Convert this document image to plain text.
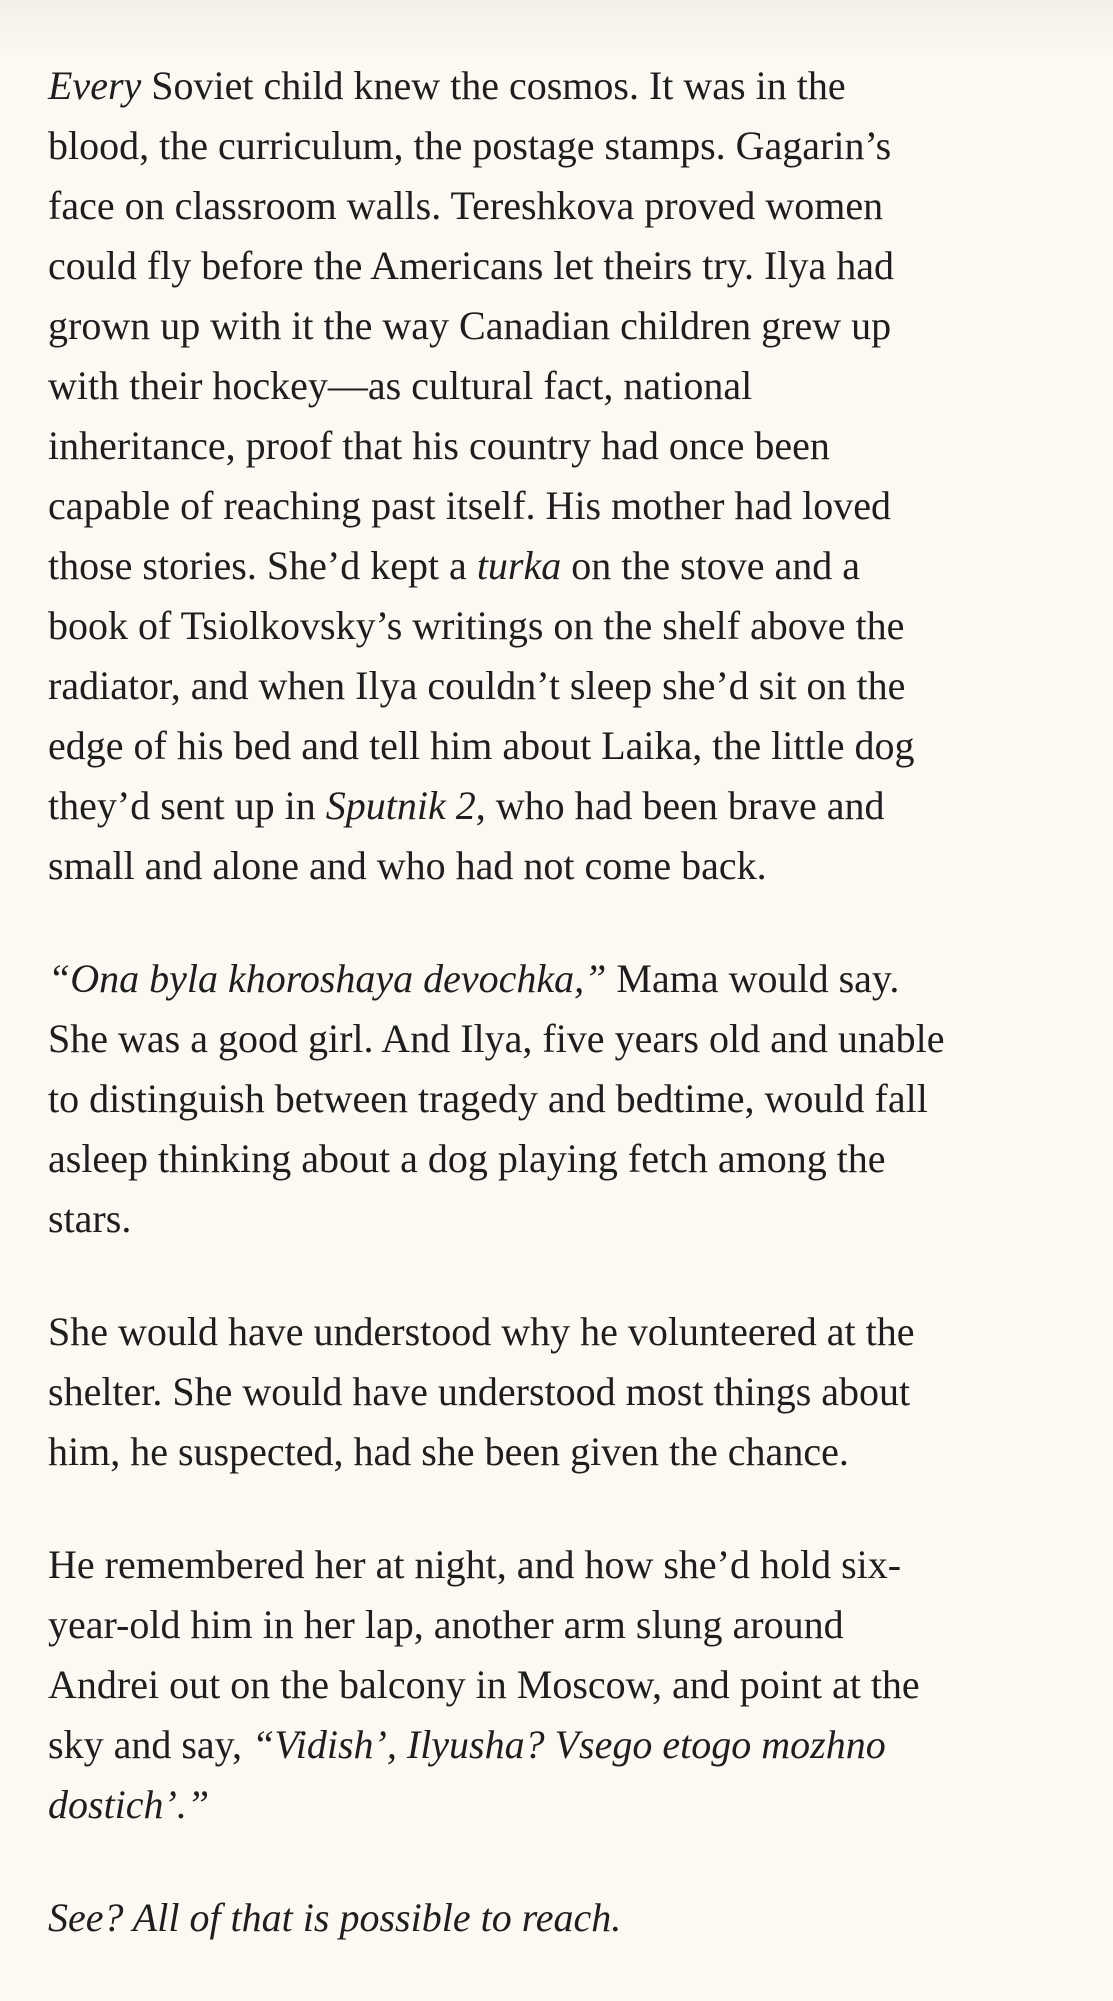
Every Soviet child knew the cosmos. It was in the
blood, the curriculum, the postage stamps. Gagarin’s
face on classroom walls. Tereshkova proved women
could fly before the Americans let theirs try. Ilya had
grown up with it the way Canadian children grew up
with their hockey—as cultural fact, national
inheritance, proof that his country had once been
capable of reaching past itself. His mother had loved
those stories. She’d kept a turka on the stove and a
book of Tsiolkovsky’s writings on the shelf above the
radiator, and when Ilya couldn’t sleep she’d sit on the
edge of his bed and tell him about Laika, the little dog
they’d sent up in Sputnik 2, who had been brave and
small and alone and who had not come back.

“Ona byla khoroshaya devochka,” Mama would say.
She was a good girl. And Ilya, five years old and unable
to distinguish between tragedy and bedtime, would fall
asleep thinking about a dog playing fetch among the
stars.

She would have understood why he volunteered at the
shelter. She would have understood most things about
him, he suspected, had she been given the chance.

He remembered her at night, and how she’d hold six-
year-old him in her lap, another arm slung around
Andrei out on the balcony in Moscow, and point at the
sky and say, “Vidish’, Ilyusha? Vsego etogo mozhno
dostich’.”

See? All of that is possible to reach.
